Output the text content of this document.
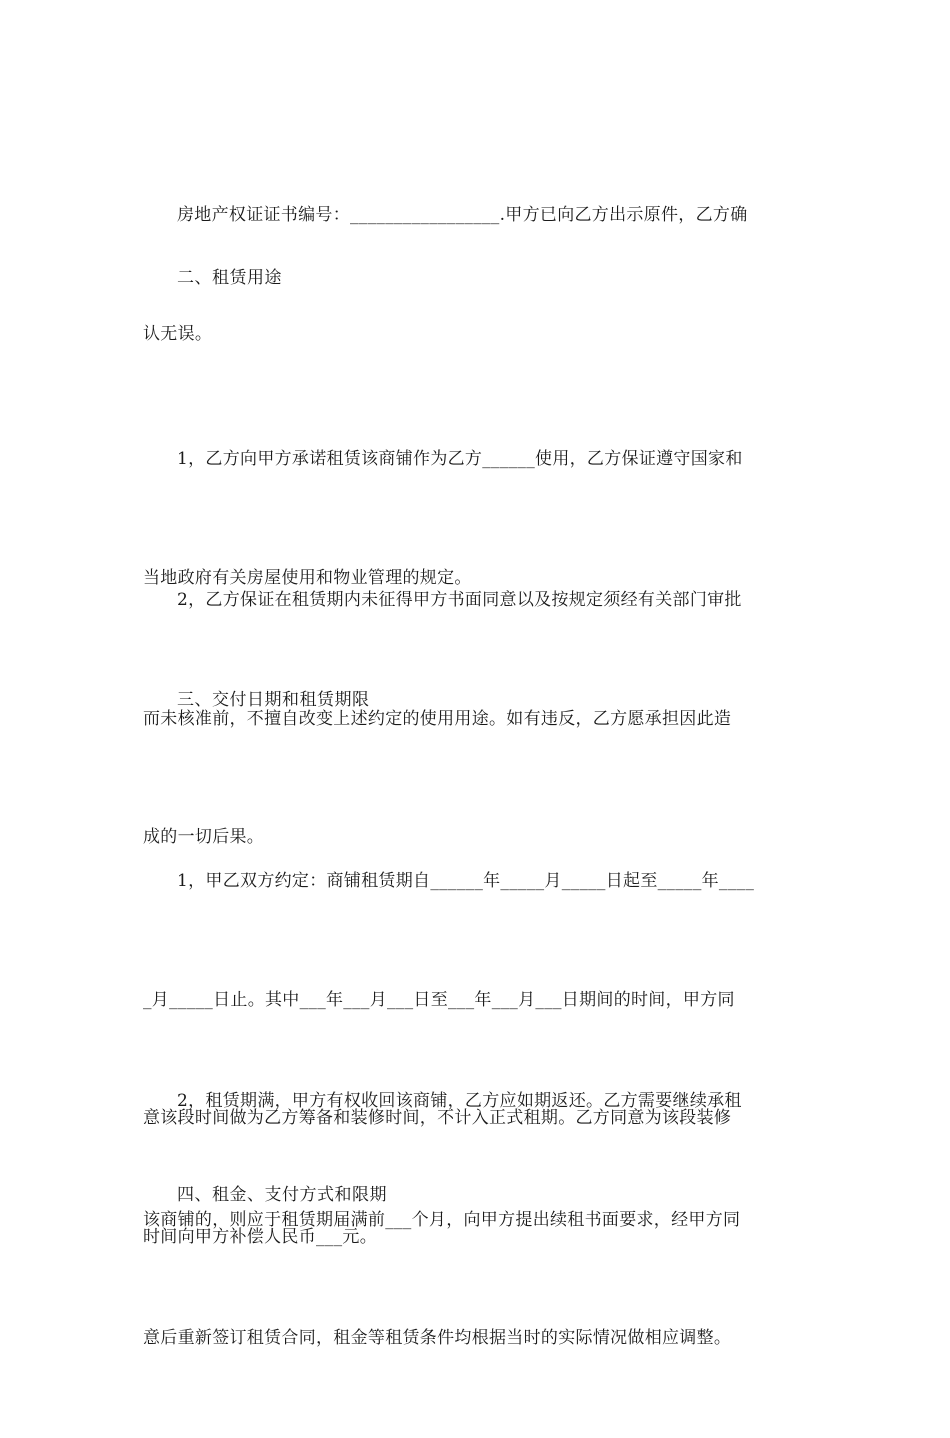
房地产权证证书编号：_________________.甲方已向乙方出示原件，乙方确

认无误。

二、租赁用途

1，乙方向甲方承诺租赁该商铺作为乙方______使用，乙方保证遵守国家和

当地政府有关房屋使用和物业管理的规定。

2，乙方保证在租赁期内未征得甲方书面同意以及按规定须经有关部门审批

而未核准前，不擅自改变上述约定的使用用途。如有违反，乙方愿承担因此造

成的一切后果。

三、交付日期和租赁期限

1，甲乙双方约定：商铺租赁期自______年_____月_____日起至_____年____

_月_____日止。其中___年___月___日至___年___月___日期间的时间，甲方同

意该段时间做为乙方筹备和装修时间，不计入正式租期。乙方同意为该段装修

时间向甲方补偿人民币___元。

2，租赁期满，甲方有权收回该商铺，乙方应如期返还。乙方需要继续承租

该商铺的，则应于租赁期届满前___个月，向甲方提出续租书面要求，经甲方同

意后重新签订租赁合同，租金等租赁条件均根据当时的实际情况做相应调整。

四、租金、支付方式和限期
